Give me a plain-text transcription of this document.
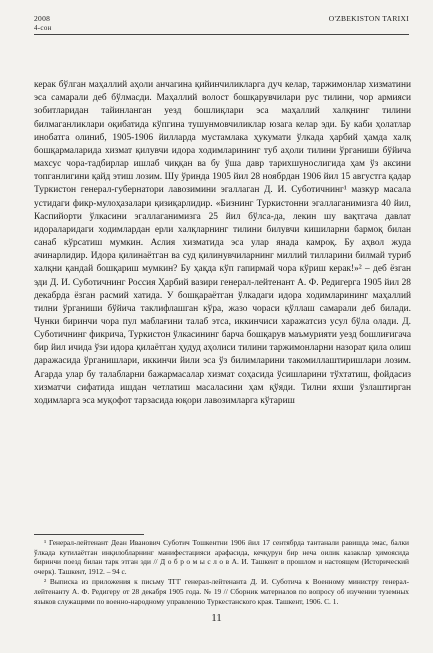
2008	O'ZBEKISTON TARIXI
4-сон

керак бўлган маҳаллий аҳоли анчагина қийинчиликларга дуч келар, таржимонлар хизматини эса самарали деб бўлмасди. Маҳаллий волост бошқарувчилари рус тилини, чор армияси зобитларидан тайинланган уезд бошлиқлари эса маҳаллий халқнинг тилини билмаганликлари оқибатида кўпгина тушунмовчиликлар юзага келар эди. Бу каби ҳолатлар инобатга олиниб, 1905-1906 йилларда мустамлака ҳукумати ўлкада ҳарбий ҳамда халқ бошқармаларида хизмат қилувчи идора ходимларининг туб аҳоли тилини ўрганиши бўйича махсус чора-тадбирлар ишлаб чиққан ва бу ўша давр тарихшунослигида ҳам ўз аксини топганлигини қайд этиш лозим. Шу ўринда 1905 йил 28 ноябрдан 1906 йил 15 августга қадар Туркистон генерал-губернатори лавозимини эгаллаган Д. И. Суботичнинг¹ мазкур масала устидаги фикр-мулоҳазалари қизиқарлидир. «Бизнинг Туркистонни эгаллаганимизга 40 йил, Каспийорти ўлкасини эгаллаганимизга 25 йил бўлса-да, лекин шу вақтгача давлат идораларидаги ходимлардан ерли халқларнинг тилини билувчи кишиларни бармоқ билан санаб кўрсатиш мумкин. Аслия хизматида эса улар янада камроқ. Бу аҳвол жуда ачинарлидир. Идора қилинаётган ва суд қилинувчиларнинг миллий тилларини билмай туриб халқни қандай бошқариш мумкин? Бу ҳақда кўп гапирмай чора кўриш керак!»² – деб ёзган эди Д. И. Суботичнинг Россия Ҳарбий вазири генерал-лейтенант А. Ф. Редигерга 1905 йил 28 декабрда ёзган расмий хатида. У бошқараётган ўлкадаги идора ходимларининг маҳаллий тилни ўрганиши бўйича таклифлашган кўра, жазо чораси қўллаш самарали деб билади. Чунки биринчи чора пул маблағини талаб этса, иккинчиси харажатсиз усул бўла олади. Д. Суботичнинг фикрича, Туркистон ўлкасининг барча бошқарув маъмурияти уезд бошлиғигача бир йил ичида ўзи идора қилаётган ҳудуд аҳолиси тилини таржимонларни назорат қила олиш даражасида ўрганишлари, иккинчи йили эса ўз билимларини такомиллаштиришлари лозим. Агарда улар бу талабларни бажармасалар хизмат соҳасида ўсишларини тўхтатиш, фойдасиз хизматчи сифатида ишдан четлатиш масаласини ҳам қўяди. Тилни яхши ўзлаштирган ходимларга эса муқофот тарзасида юқори лавозимларга кўтариш

¹ Генерал-лейтенант Деан Иванович Суботич Тошкентни 1906 йил 17 сентябрда тантанали равишда эмас, балки ўлкада кутилаётган инқилобларнинг манифестацияси арафасида, кечқурун бир неча оилик казаклар ҳимоясида биринчи поезд билан тарк этган эди // Д о б р о м ы с л о в А. И. Ташкент в прошлом и настоящем (Исторический очерк). Ташкент, 1912. – 94 с.

² Выписка из приложения к письму ТГГ генерал-лейтенанта Д. И. Суботича к Военному министру генерал-лейтенанту А. Ф. Редигеру от 28 декабря 1905 года. № 19 // Сборник материалов по вопросу об изучении туземных языков служащими по военно-народному управлению Туркестанского края. Ташкент, 1906. С. 1.

11
